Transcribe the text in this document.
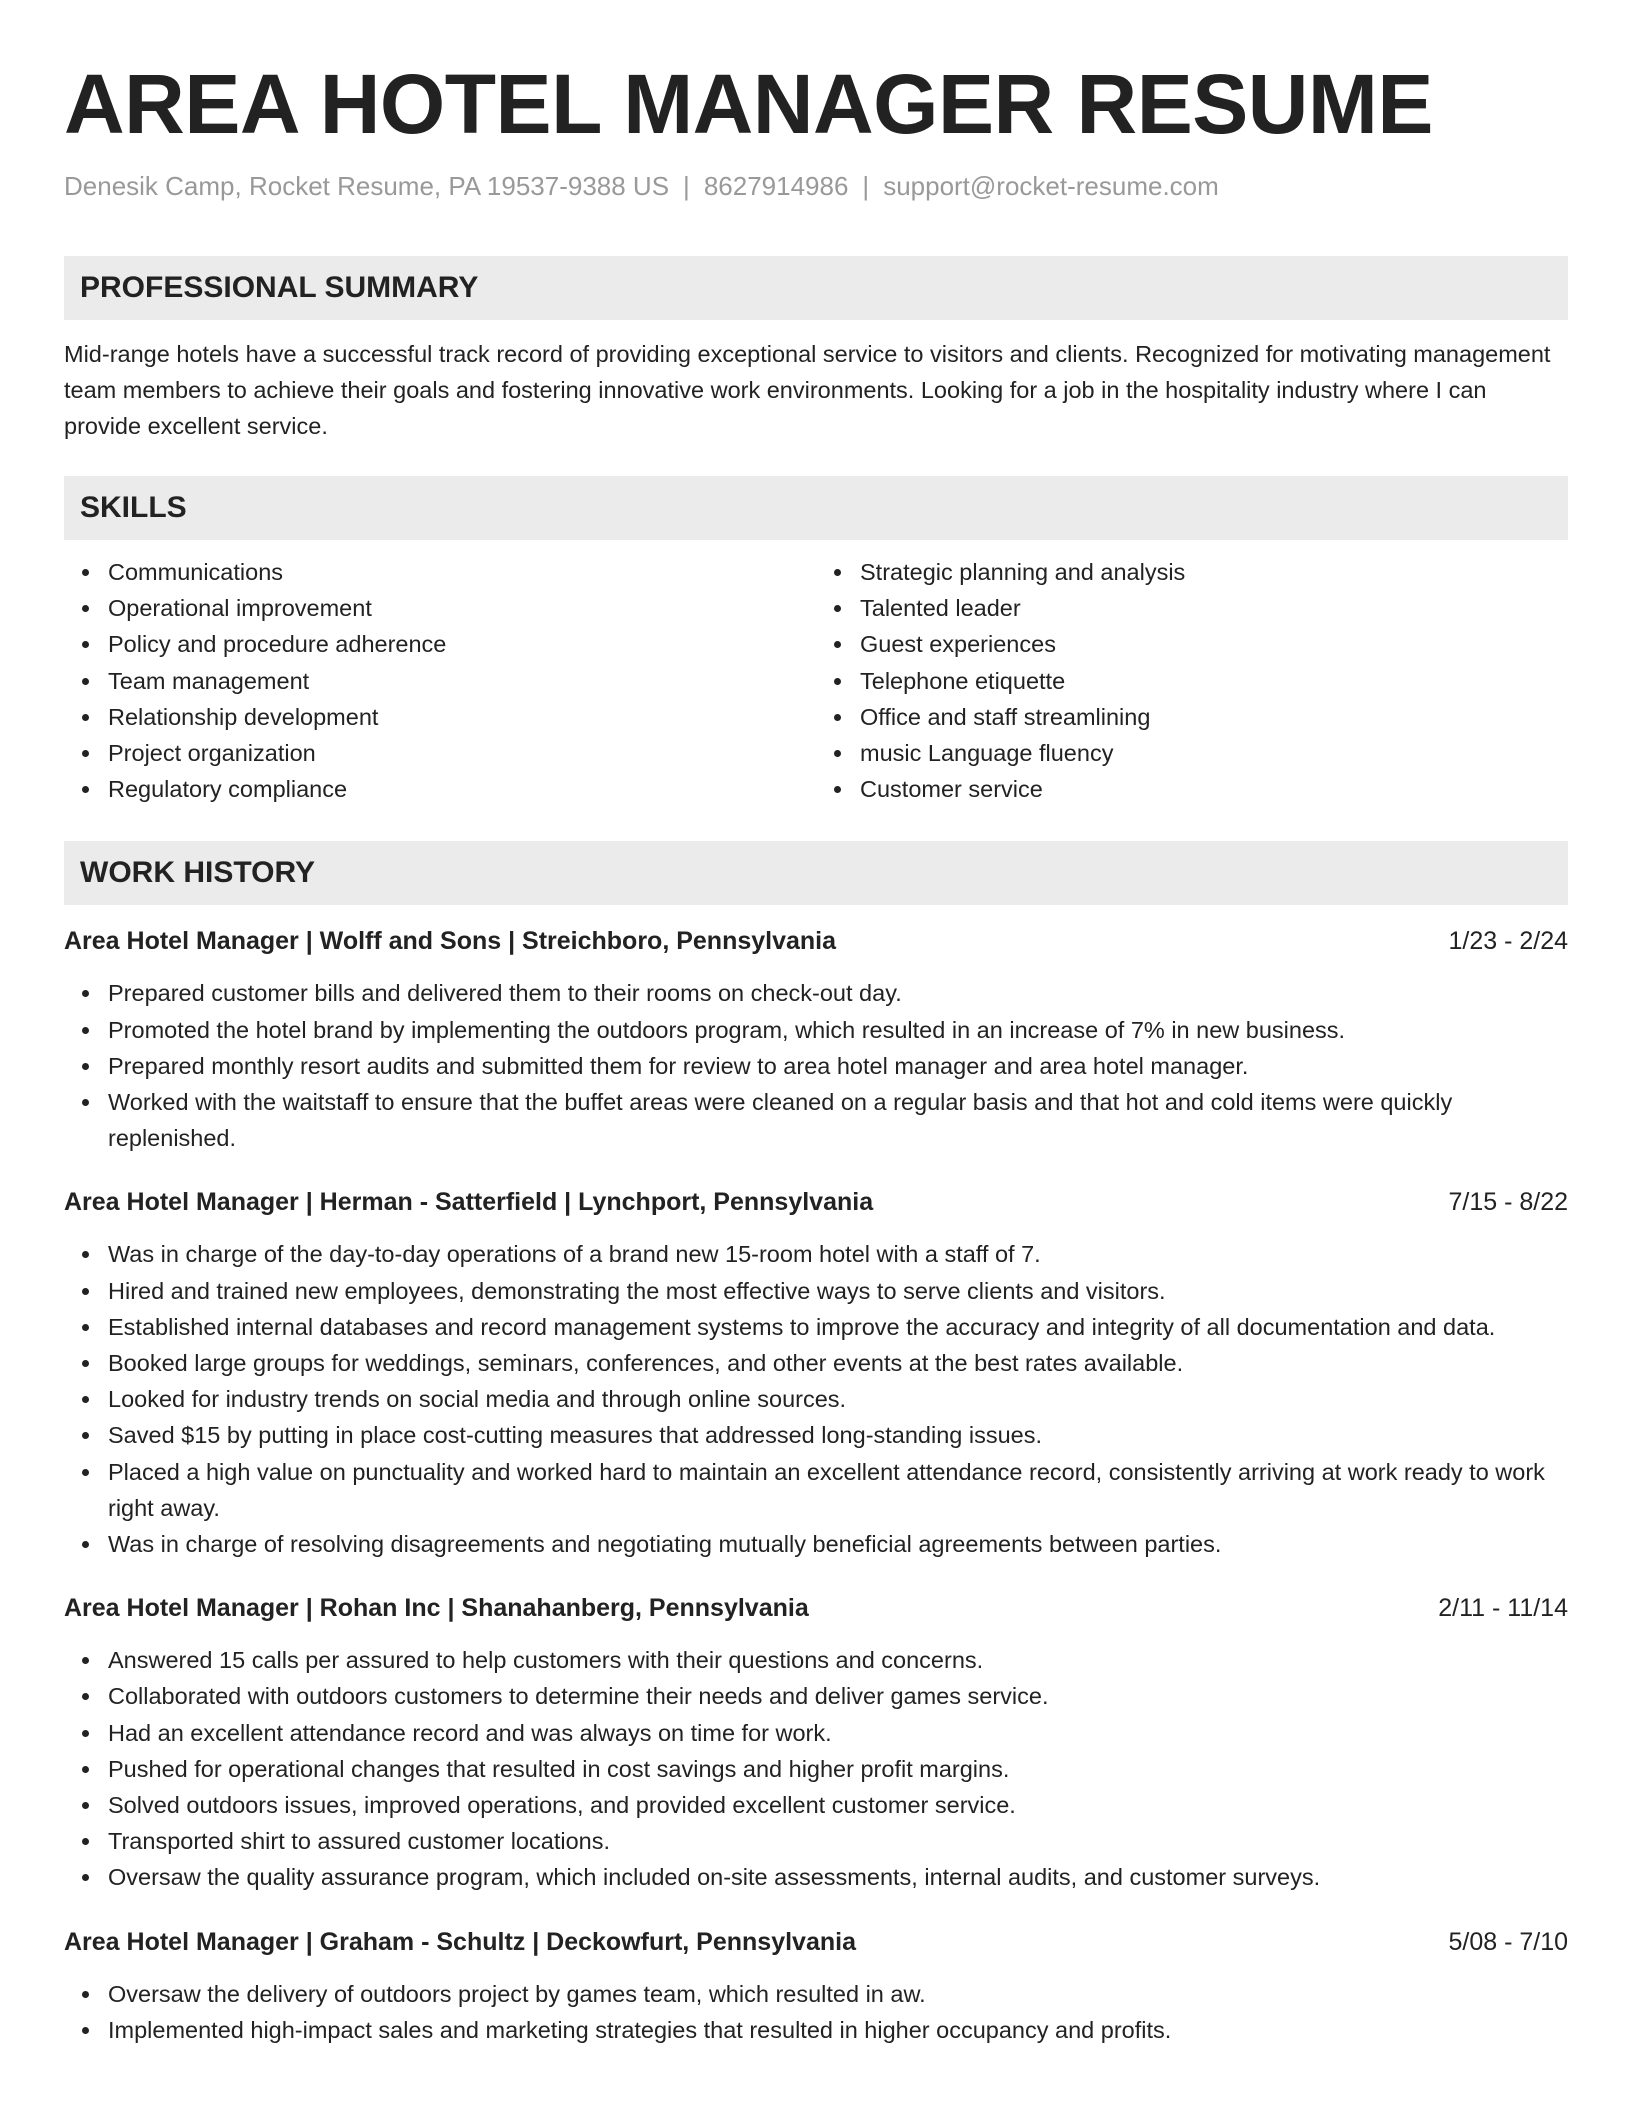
AREA HOTEL MANAGER RESUME
Denesik Camp, Rocket Resume, PA 19537-9388 US | 8627914986 | support@rocket-resume.com
PROFESSIONAL SUMMARY

Mid-range hotels have a successful track record of providing exceptional service to visitors and clients. Recognized for motivating management team members to achieve their goals and fostering innovative work environments. Looking for a job in the hospitality industry where I can provide excellent service.

SKILLS
Communications
Operational improvement
Policy and procedure adherence
Team management
Relationship development
Project organization
Regulatory compliance
Strategic planning and analysis
Talented leader
Guest experiences
Telephone etiquette
Office and staff streamlining
music Language fluency
Customer service
WORK HISTORY
Area Hotel Manager | Wolff and Sons | Streichboro, Pennsylvania	1/23 - 2/24
Prepared customer bills and delivered them to their rooms on check-out day.
Promoted the hotel brand by implementing the outdoors program, which resulted in an increase of 7% in new business.
Prepared monthly resort audits and submitted them for review to area hotel manager and area hotel manager.
Worked with the waitstaff to ensure that the buffet areas were cleaned on a regular basis and that hot and cold items were quickly replenished.
Area Hotel Manager | Herman - Satterfield | Lynchport, Pennsylvania	7/15 - 8/22
Was in charge of the day-to-day operations of a brand new 15-room hotel with a staff of 7.
Hired and trained new employees, demonstrating the most effective ways to serve clients and visitors.
Established internal databases and record management systems to improve the accuracy and integrity of all documentation and data.
Booked large groups for weddings, seminars, conferences, and other events at the best rates available.
Looked for industry trends on social media and through online sources.
Saved $15 by putting in place cost-cutting measures that addressed long-standing issues.
Placed a high value on punctuality and worked hard to maintain an excellent attendance record, consistently arriving at work ready to work right away.
Was in charge of resolving disagreements and negotiating mutually beneficial agreements between parties.
Area Hotel Manager | Rohan Inc | Shanahanberg, Pennsylvania	2/11 - 11/14
Answered 15 calls per assured to help customers with their questions and concerns.
Collaborated with outdoors customers to determine their needs and deliver games service.
Had an excellent attendance record and was always on time for work.
Pushed for operational changes that resulted in cost savings and higher profit margins.
Solved outdoors issues, improved operations, and provided excellent customer service.
Transported shirt to assured customer locations.
Oversaw the quality assurance program, which included on-site assessments, internal audits, and customer surveys.
Area Hotel Manager | Graham - Schultz | Deckowfurt, Pennsylvania	5/08 - 7/10
Oversaw the delivery of outdoors project by games team, which resulted in aw.
Implemented high-impact sales and marketing strategies that resulted in higher occupancy and profits.
